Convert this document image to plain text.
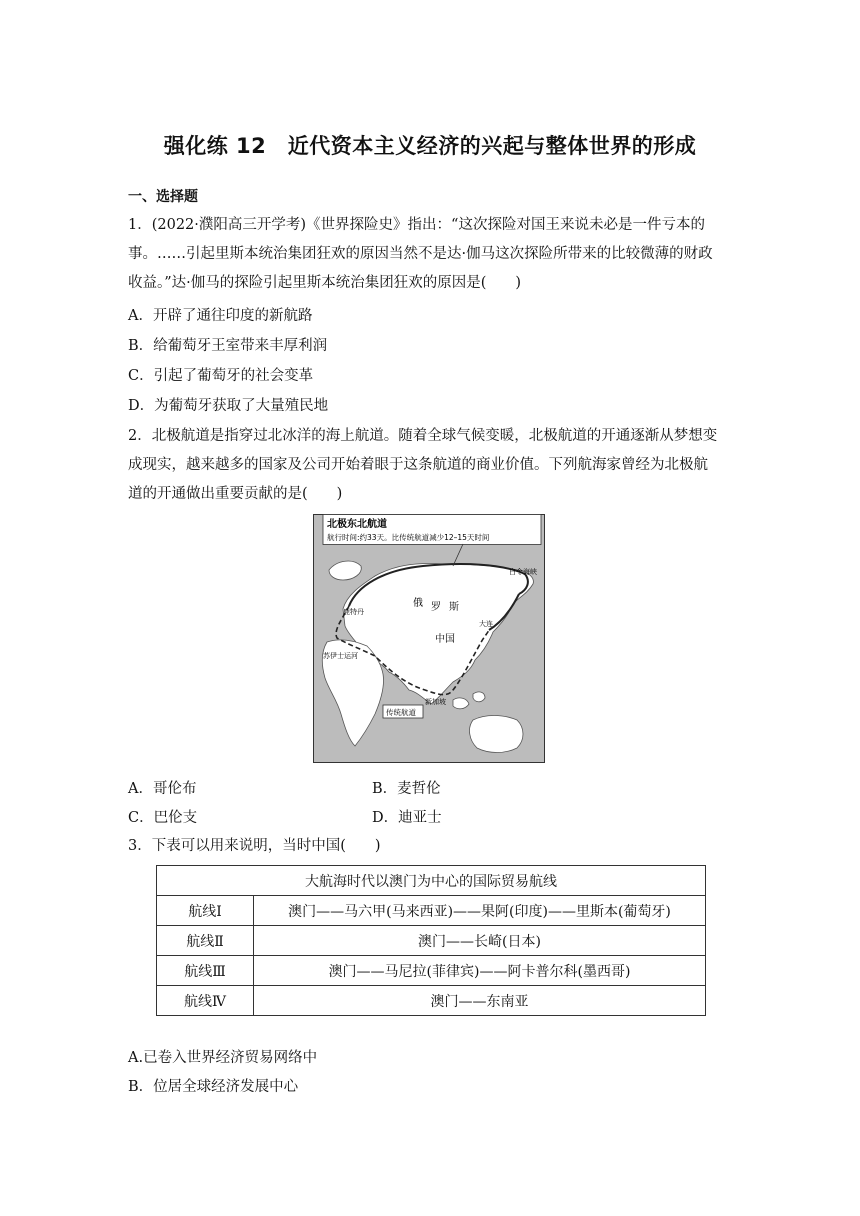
强化练 12　近代资本主义经济的兴起与整体世界的形成
一、选择题
1．(2022·濮阳高三开学考)《世界探险史》指出：“这次探险对国王来说未必是一件亏本的
事。……引起里斯本统治集团狂欢的原因当然不是达·伽马这次探险所带来的比较微薄的财政
收益。”达·伽马的探险引起里斯本统治集团狂欢的原因是(　　)
A．开辟了通往印度的新航路
B．给葡萄牙王室带来丰厚利润
C．引起了葡萄牙的社会变革
D．为葡萄牙获取了大量殖民地
2．北极航道是指穿过北冰洋的海上航道。随着全球气候变暖，北极航道的开通逐渐从梦想变
成现实，越来越多的国家及公司开始着眼于这条航道的商业价值。下列航海家曾经为北极航
道的开通做出重要贡献的是(　　)
北极东北航道
航行时间:约33天。比传统航道减少12–15天时间
白令海峡
俄 罗 斯
鹿特丹
中国
大连
苏伊士运河
新加坡
传统航道
A．哥伦布	B．麦哲伦
C．巴伦支	D．迪亚士
3．下表可以用来说明，当时中国(　　)
大航海时代以澳门为中心的国际贸易航线	
航线Ⅰ	澳门——马六甲(马来西亚)——果阿(印度)——里斯本(葡萄牙)
航线Ⅱ	澳门——长崎(日本)
航线Ⅲ	澳门——马尼拉(菲律宾)——阿卡普尔科(墨西哥)
航线Ⅳ	澳门——东南亚
A.已卷入世界经济贸易网络中
B．位居全球经济发展中心
